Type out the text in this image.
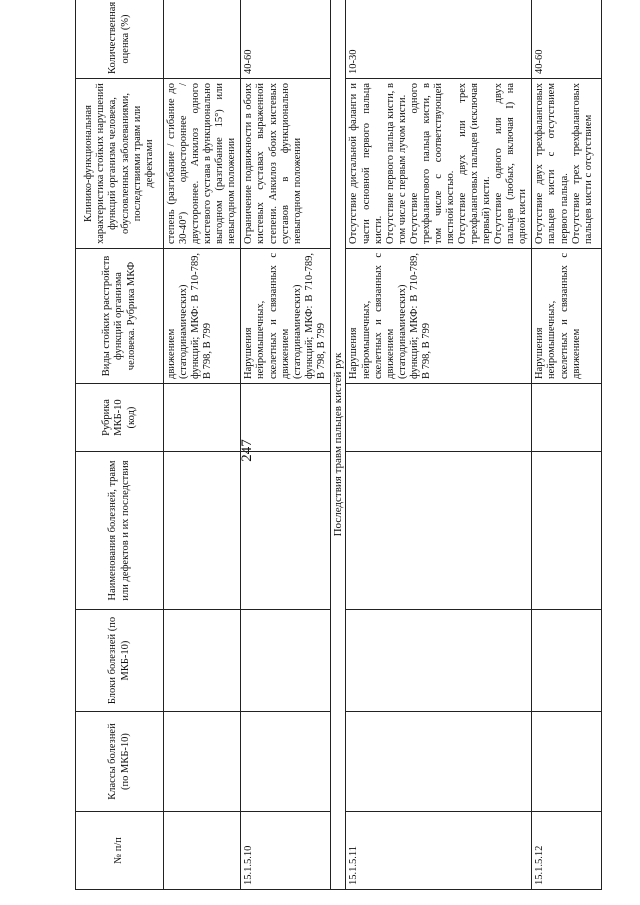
247
№ п/п	Классы болезней (по МКБ-10)	Блоки болезней (по МКБ-10)	Наименования болезней, травм или дефектов и их последствия	Рубрика МКБ-10 (код)	Виды стойких расстройств функций организма человека. Рубрика МКФ	Клинико-функциональная характеристика стойких нарушений функций организма человека, обусловленных заболеваниями, последствиями травм или дефектами	Количественная оценка (%)
					движением (статодинамических) функций; МКФ: В 710-789, В 798, В 799	степень (разгибание / сгибание до 30-40°) одностороннее /двустороннее. Анкилоз одного кистевого сустава в функционально выгодном (разгибание 15°) или невыгодном положении	
15.1.5.10					Нарушения нейромышечных, скелетных и связанных с движением (статодинамических) функций; МКФ: В 710-789, В 798, В 799	Ограничение подвижности в обоих кистевых суставах выраженной степени. Анкилоз обоих кистевых суставов в функционально невыгодном положении	40-60
Последствия травм пальцев кистей рук							
15.1.5.11					Нарушения нейромышечных, скелетных и связанных с движением (статодинамических) функций; МКФ: В 710-789, В 798, В 799	Отсутствие дистальной фаланги и части основной первого пальца кисти. Отсутствие первого пальца кисти, в том числе с первым лучом кисти. Отсутствие одного трехфалангового пальца кисти, в том числе с соответствующей пястной костью. Отсутствие двух или трех трехфаланговых пальцев (исключая первый) кисти. Отсутствие одного или двух пальцев (любых, включая I) на одной кисти	10-30
15.1.5.12					Нарушения нейромышечных, скелетных и связанных с движением	Отсутствие двух трехфаланговых пальцев кисти с отсутствием первого пальца. Отсутствие трех трехфаланговых пальцев кисти с отсутствием	40-60
